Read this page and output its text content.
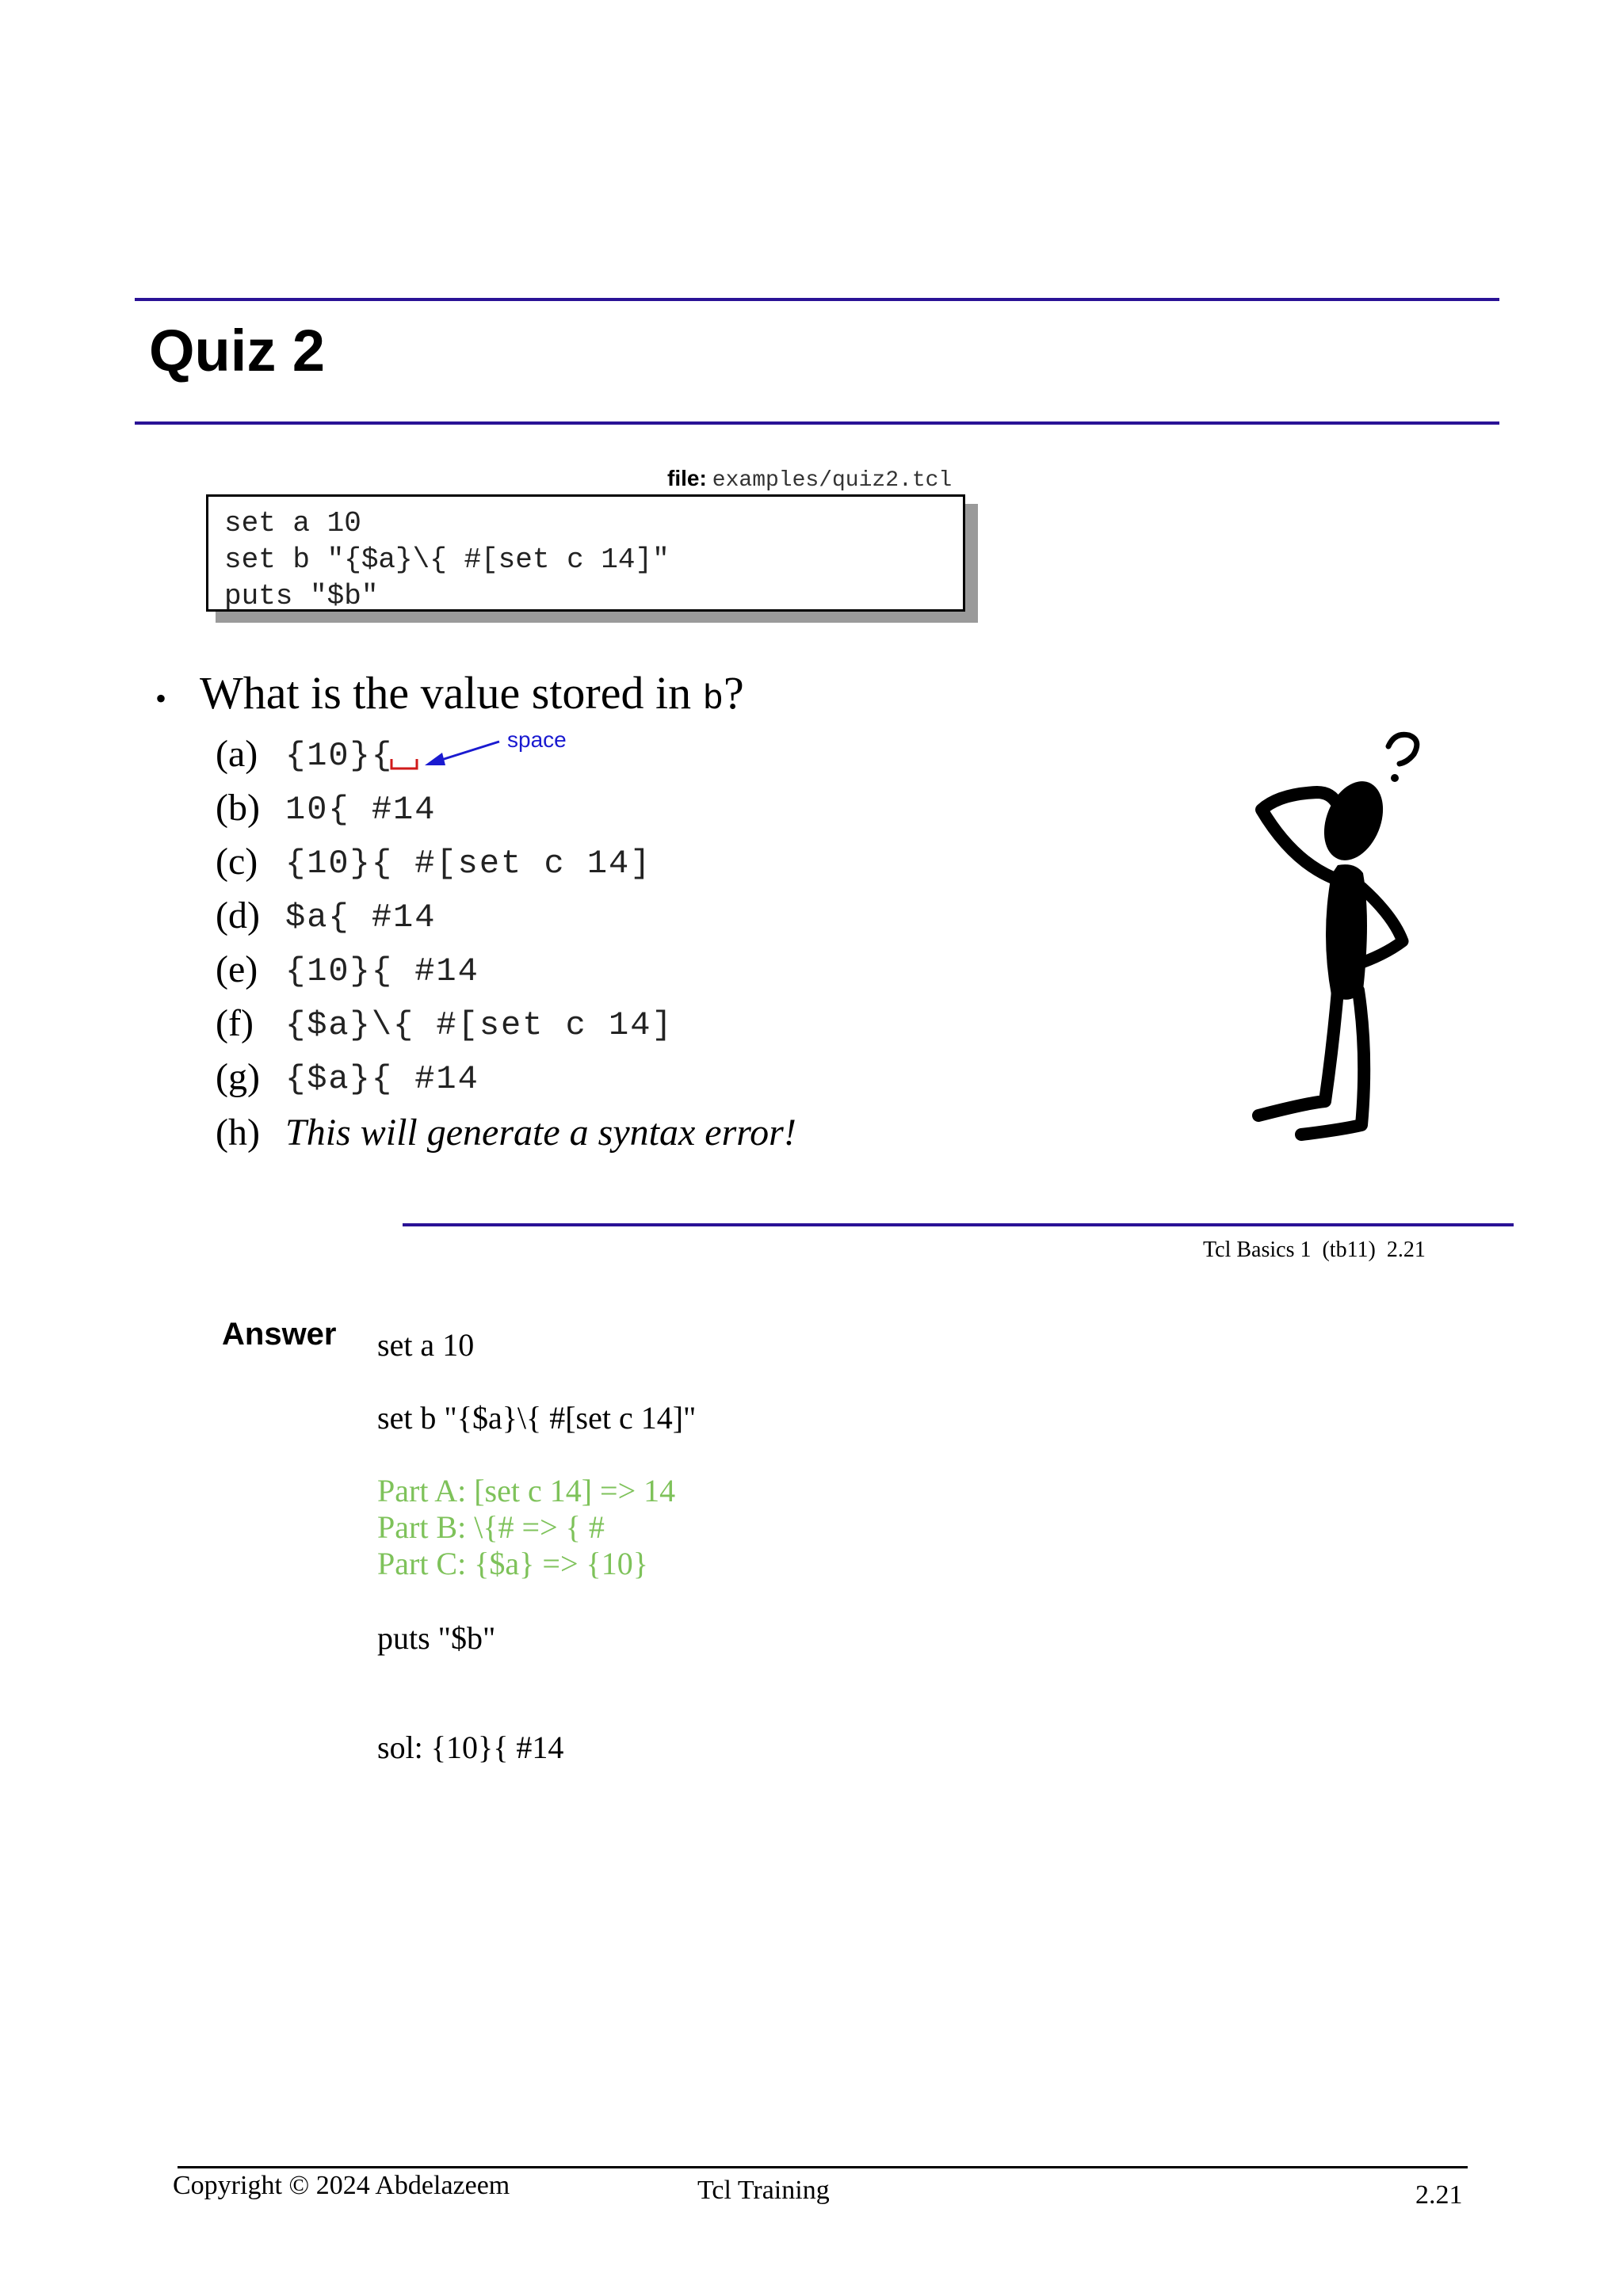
Quiz 2
file: examples/quiz2.tcl
set a 10
set b "{$a}\{ #[set c 14]"
puts "$b"
• What is the value stored in b?
(a) {10}{
(b) 10{ #14
(c) {10}{ #[set c 14]
(d) $a{ #14
(e) {10}{ #14
(f) {$a}\{ #[set c 14]
(g) {$a}{ #14
(h) This will generate a syntax error!
space
Tcl Basics 1  (tb11)  2.21
Answer set a 10
set b "{$a}\{ #[set c 14]"
Part A: [set c 14] => 14
Part B: \{# => { #
Part C: {$a} => {10}
puts "$b"
sol: {10}{ #14
Copyright © 2024 Abdelazeem	Tcl Training	2.21
